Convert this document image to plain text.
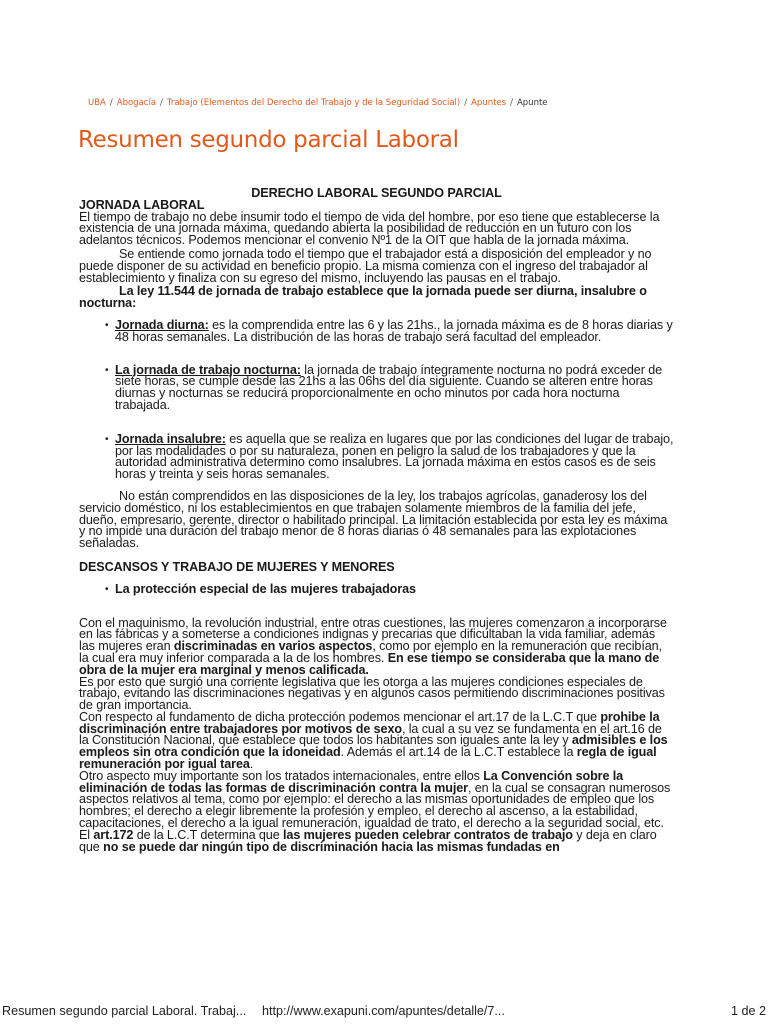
UBA / Abogacía / Trabajo (Elementos del Derecho del Trabajo y de la Seguridad Social) / Apuntes / Apunte
Resumen segundo parcial Laboral

DERECHO LABORAL SEGUNDO PARCIAL

JORNADA LABORAL

El tiempo de trabajo no debe insumir todo el tiempo de vida del hombre, por eso tiene que establecerse la existencia de una jornada máxima, quedando abierta la posibilidad de reducción en un futuro con los adelantos técnicos. Podemos mencionar el convenio Nº1 de la OIT que habla de la jornada máxima.

Se entiende como jornada todo el tiempo que el trabajador está a disposición del empleador y no puede disponer de su actividad en beneficio propio. La misma comienza con el ingreso del trabajador al establecimiento y finaliza con su egreso del mismo, incluyendo las pausas en el trabajo.

La ley 11.544 de jornada de trabajo establece que la jornada puede ser diurna, insalubre o nocturna:

• Jornada diurna: es la comprendida entre las 6 y las 21hs., la jornada máxima es de 8 horas diarias y 48 horas semanales. La distribución de las horas de trabajo será facultad del empleador.
• La jornada de trabajo nocturna: la jornada de trabajo íntegramente nocturna no podrá exceder de siete horas, se cumple desde las 21hs a las 06hs del día siguiente. Cuando se alteren entre horas diurnas y nocturnas se reducirá proporcionalmente en ocho minutos por cada hora nocturna trabajada.
• Jornada insalubre: es aquella que se realiza en lugares que por las condiciones del lugar de trabajo, por las modalidades o por su naturaleza, ponen en peligro la salud de los trabajadores y que la autoridad administrativa determino como insalubres. La jornada máxima en estos casos es de seis horas y treinta y seis horas semanales.

No están comprendidos en las disposiciones de la ley, los trabajos agrícolas, ganaderosy los del servicio doméstico, ni los establecimientos en que trabajen solamente miembros de la familia del jefe, dueño, empresario, gerente, director o habilitado principal. La limitación establecida por esta ley es máxima y no impide una duración del trabajo menor de 8 horas diarias ó 48 semanales para las explotaciones señaladas.

DESCANSOS Y TRABAJO DE MUJERES Y MENORES

• La protección especial de las mujeres trabajadoras

Con el maquinismo, la revolución industrial, entre otras cuestiones, las mujeres comenzaron a incorporarse en las fábricas y a someterse a condiciones indignas y precarias que dificultaban la vida familiar, además las mujeres eran discriminadas en varios aspectos, como por ejemplo en la remuneración que recibían, la cual era muy inferior comparada a la de los hombres. En ese tiempo se consideraba que la mano de obra de la mujer era marginal y menos calificada.

Es por esto que surgió una corriente legislativa que les otorga a las mujeres condiciones especiales de trabajo, evitando las discriminaciones negativas y en algunos casos permitiendo discriminaciones positivas de gran importancia.

Con respecto al fundamento de dicha protección podemos mencionar el art.17 de la L.C.T que prohibe la discriminación entre trabajadores por motivos de sexo, la cual a su vez se fundamenta en el art.16 de la Constitución Nacional, que establece que todos los habitantes son iguales ante la ley y admisibles e los empleos sin otra condición que la idoneidad. Además el art.14 de la L.C.T establece la regla de igual remuneración por igual tarea.

Otro aspecto muy importante son los tratados internacionales, entre ellos La Convención sobre la eliminación de todas las formas de discriminación contra la mujer, en la cual se consagran numerosos aspectos relativos al tema, como por ejemplo: el derecho a las mismas oportunidades de empleo que los hombres; el derecho a elegir libremente la profesión y empleo, el derecho al ascenso, a la estabilidad, capacitaciones, el derecho a la igual remuneración, igualdad de trato, el derecho a la seguridad social, etc.

El art.172 de la L.C.T determina que las mujeres pueden celebrar contratos de trabajo y deja en claro que no se puede dar ningún tipo de discriminación hacia las mismas fundadas en

Resumen segundo parcial Laboral. Trabaj... http://www.exapuni.com/apuntes/detalle/7...	1 de 2
